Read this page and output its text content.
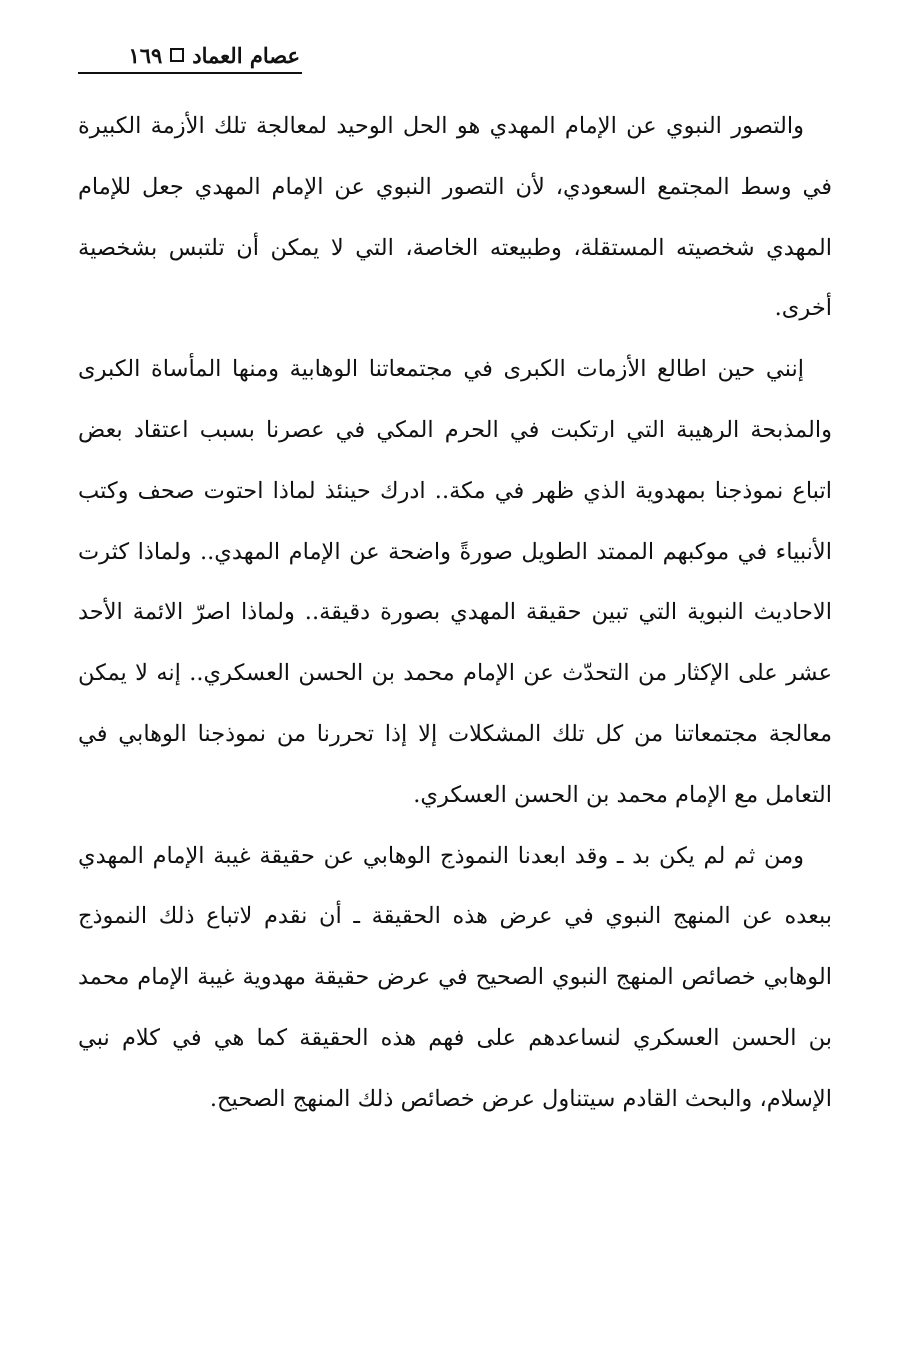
عصام العماد
١٦٩

والتصور النبوي عن الإمام المهدي هو الحل الوحيد لمعالجة تلك الأزمة الكبيرة في وسط المجتمع السعودي، لأن التصور النبوي عن الإمام المهدي جعل للإمام المهدي شخصيته المستقلة، وطبيعته الخاصة، التي لا يمكن أن تلتبس بشخصية أخرى.

إنني حين اطالع الأزمات الكبرى في مجتمعاتنا الوهابية ومنها المأساة الكبرى والمذبحة الرهيبة التي ارتكبت في الحرم المكي في عصرنا بسبب اعتقاد بعض اتباع نموذجنا بمهدوية الذي ظهر في مكة.. ادرك حينئذ لماذا احتوت صحف وكتب الأنبياء في موكبهم الممتد الطويل صورةً واضحة عن الإمام المهدي.. ولماذا كثرت الاحاديث النبوية التي تبين حقيقة المهدي بصورة دقيقة.. ولماذا اصرّ الائمة الأحد عشر على الإكثار من التحدّث عن الإمام محمد بن الحسن العسكري.. إنه لا يمكن معالجة مجتمعاتنا من كل تلك المشكلات إلا إذا تحررنا من نموذجنا الوهابي في التعامل مع الإمام محمد بن الحسن العسكري.

ومن ثم لم يكن بد ـ وقد ابعدنا النموذج الوهابي عن حقيقة غيبة الإمام المهدي ببعده عن المنهج النبوي في عرض هذه الحقيقة ـ أن نقدم لاتباع ذلك النموذج الوهابي خصائص المنهج النبوي الصحيح في عرض حقيقة مهدوية غيبة الإمام محمد بن الحسن العسكري لنساعدهم على فهم هذه الحقيقة كما هي في كلام نبي الإسلام، والبحث القادم سيتناول عرض خصائص ذلك المنهج الصحيح.
